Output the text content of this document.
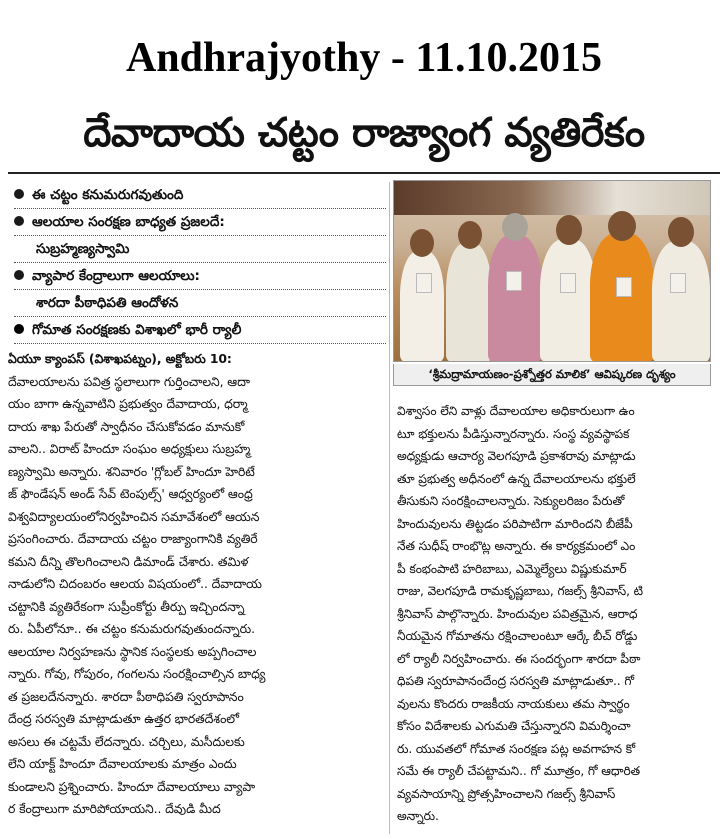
Andhrajyothy - 11.10.2015
దేవాదాయ చట్టం రాజ్యాంగ వ్యతిరేకం
ఈ చట్టం కనుమరుగవుతుంది
ఆలయాల సంరక్షణ బాధ్యత ప్రజలదే:
సుబ్రహ్మణ్యస్వామి
వ్యాపార కేంద్రాలుగా ఆలయాలు:
శారదా పీఠాధిపతి ఆందోళన
గోమాత సంరక్షణకు విశాఖలో భారీ ర్యాలీ
‘శ్రీమద్రామాయణం-ప్రశ్నోత్తర మాలిక’ ఆవిష్కరణ దృశ్యం
ఏయూ క్యాంపస్ (విశాఖపట్నం), అక్టోబరు 10:
దేవాలయాలను పవిత్ర స్థలాలుగా గుర్తించాలని, ఆదా
యం బాగా ఉన్నవాటిని ప్రభుత్వం దేవాదాయ, ధర్మా
దాయ శాఖ పేరుతో స్వాధీనం చేసుకోవడం మానుకో
వాలని.. విరాట్ హిందూ సంఘం అధ్యక్షులు సుబ్రహ్మ
ణ్యస్వామి అన్నారు. శనివారం 'గ్లోబల్ హిందూ హెరిటే
జ్ ఫౌండేషన్ అండ్ సేవ్ టెంపుల్స్' ఆధ్వర్యంలో ఆంధ్ర
విశ్వవిద్యాలయంలోనిర్వహించిన సమావేశంలో ఆయన
ప్రసంగించారు. దేవాదాయ చట్టం రాజ్యాంగానికి వ్యతిరే
కమని దీన్ని తొలగించాలని డిమాండ్ చేశారు. తమిళ
నాడులోని చిదంబరం ఆలయ విషయంలో.. దేవాదాయ
చట్టానికి వ్యతిరేకంగా సుప్రీంకోర్టు తీర్పు ఇచ్చిందన్నా
రు. ఏపీలోనూ.. ఈ చట్టం కనుమరుగవుతుందన్నారు.
ఆలయాల నిర్వహణను స్థానిక సంస్థలకు అప్పగించాల
న్నారు. గోవు, గోపురం, గంగలను సంరక్షించాల్సిన బాధ్య
త ప్రజలదేనన్నారు. శారదా పీఠాధిపతి స్వరూపానం
దేంద్ర సరస్వతి మాట్లాడుతూ ఉత్తర భారతదేశంలో
అసలు ఈ చట్టమే లేదన్నారు. చర్చిలు, మసీదులకు
లేని యాక్ట్ హిందూ దేవాలయాలకు మాత్రం ఎందు
కుండాలని ప్రశ్నించారు. హిందూ దేవాలయాలు వ్యాపా
ర కేంద్రాలుగా మారిపోయాయని.. దేవుడి మీద
విశ్వాసం లేని వాళ్లు దేవాలయాల అధికారులుగా ఉం
టూ భక్తులను పీడిస్తున్నారన్నారు. సంస్థ వ్యవస్థాపక
అధ్యక్షుడు ఆచార్య వెలగపూడి ప్రకాశరావు మాట్లాడు
తూ ప్రభుత్వ అధీనంలో ఉన్న దేవాలయాలను భక్తులే
తీసుకుని సంరక్షించాలన్నారు. సెక్యులరిజం పేరుతో
హిందువులను తిట్టడం పరిపాటిగా మారిందని బీజేపీ
నేత సుధీష్ రాంభొట్ల అన్నారు. ఈ కార్యక్రమంలో ఎం
పీ కంభంపాటి హరిబాబు, ఎమ్మెల్యేలు విష్ణుకుమార్
రాజు, వెలగపూడి రామకృష్ణబాబు, గజల్స్ శ్రీనివాస్, టి
శ్రీనివాస్ పాల్గొన్నారు. హిందువుల పవిత్రమైన, ఆరాధ
నీయమైన గోమాతను రక్షించాలంటూ ఆర్కే బీచ్ రోడ్డు
లో ర్యాలీ నిర్వహించారు. ఈ సందర్భంగా శారదా పీఠా
ధిపతి స్వరూపానందేంద్ర సరస్వతి మాట్లాడుతూ.. గో
వులను కొందరు రాజకీయ నాయకులు తమ స్వార్థం
కోసం విదేశాలకు ఎగుమతి చేస్తున్నారని విమర్శించా
రు. యువతలో గోమాత సంరక్షణ పట్ల అవగాహన కో
సమే ఈ ర్యాలీ చేపట్టామని.. గో మూత్రం, గో ఆధారిత
వ్యవసాయాన్ని ప్రోత్సహించాలని గజల్స్ శ్రీనివాస్
అన్నారు.
